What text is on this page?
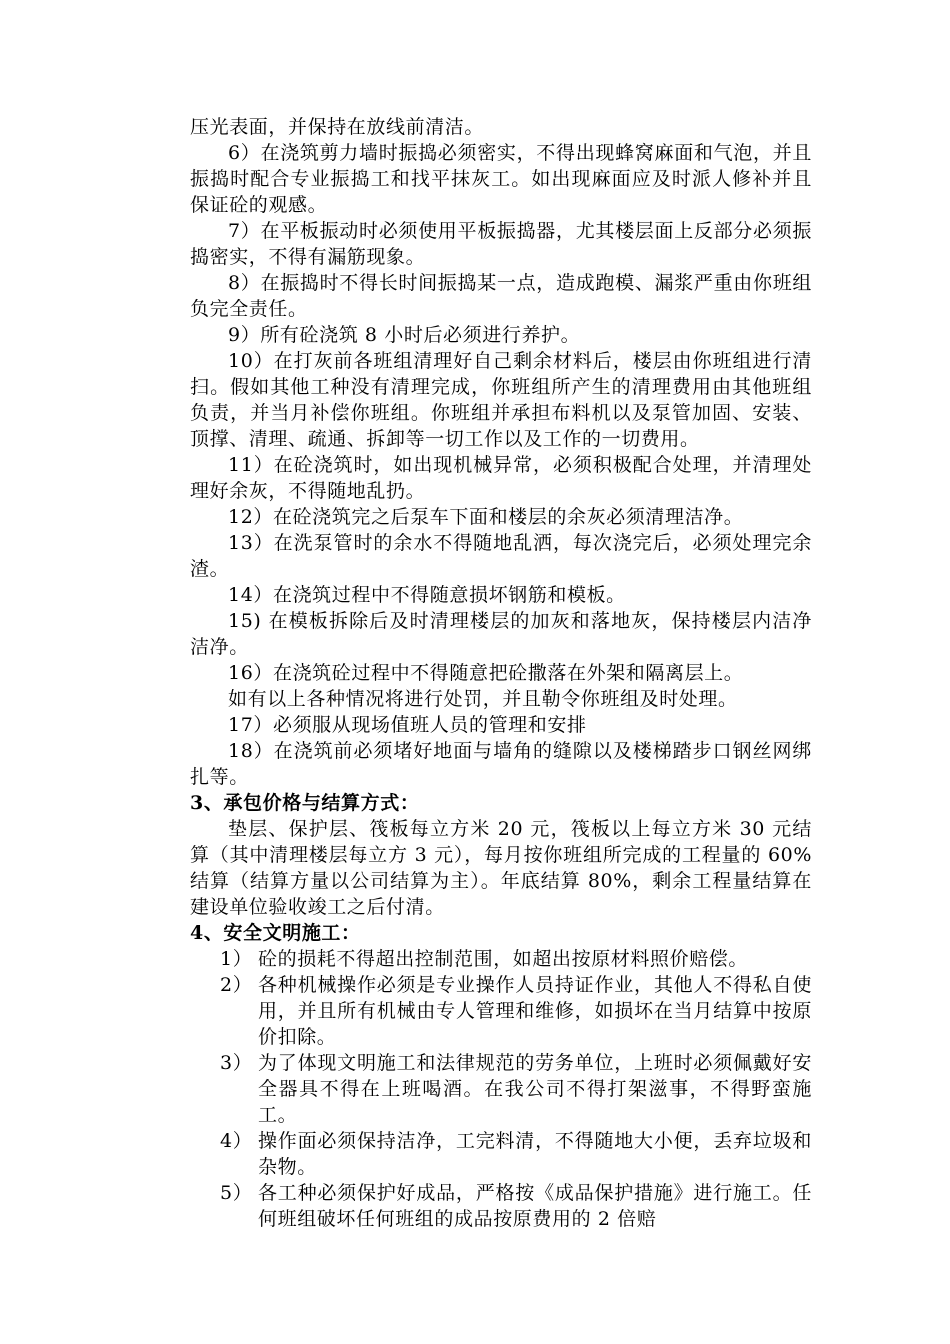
压光表面，并保持在放线前清洁。

6）在浇筑剪力墙时振捣必须密实，不得出现蜂窝麻面和气泡，并且振捣时配合专业振捣工和找平抹灰工。如出现麻面应及时派人修补并且保证砼的观感。

7）在平板振动时必须使用平板振捣器，尤其楼层面上反部分必须振捣密实，不得有漏筋现象。

8）在振捣时不得长时间振捣某一点，造成跑模、漏浆严重由你班组负完全责任。

9）所有砼浇筑 8 小时后必须进行养护。

10）在打灰前各班组清理好自己剩余材料后，楼层由你班组进行清扫。假如其他工种没有清理完成，你班组所产生的清理费用由其他班组负责，并当月补偿你班组。你班组并承担布料机以及泵管加固、安装、顶撑、清理、疏通、拆卸等一切工作以及工作的一切费用。

11）在砼浇筑时，如出现机械异常，必须积极配合处理，并清理处理好余灰，不得随地乱扔。

12）在砼浇筑完之后泵车下面和楼层的余灰必须清理洁净。

13）在洗泵管时的余水不得随地乱洒，每次浇完后，必须处理完余渣。

14）在浇筑过程中不得随意损坏钢筋和模板。

15) 在模板拆除后及时清理楼层的加灰和落地灰，保持楼层内洁净洁净。

16）在浇筑砼过程中不得随意把砼撒落在外架和隔离层上。

如有以上各种情况将进行处罚，并且勒令你班组及时处理。

17）必须服从现场值班人员的管理和安排

18）在浇筑前必须堵好地面与墙角的缝隙以及楼梯踏步口钢丝网绑扎等。

3、承包价格与结算方式：

垫层、保护层、筏板每立方米 20 元，筏板以上每立方米 30 元结算（其中清理楼层每立方 3 元），每月按你班组所完成的工程量的 60%结算（结算方量以公司结算为主）。年底结算 80%，剩余工程量结算在建设单位验收竣工之后付清。

4、安全文明施工：

1） 砼的损耗不得超出控制范围，如超出按原材料照价赔偿。
2） 各种机械操作必须是专业操作人员持证作业，其他人不得私自使用，并且所有机械由专人管理和维修，如损坏在当月结算中按原价扣除。
3） 为了体现文明施工和法律规范的劳务单位，上班时必须佩戴好安全器具不得在上班喝酒。在我公司不得打架滋事，不得野蛮施工。
4） 操作面必须保持洁净，工完料清，不得随地大小便，丢弃垃圾和杂物。
5） 各工种必须保护好成品，严格按《成品保护措施》进行施工。任何班组破坏任何班组的成品按原费用的 2 倍赔
